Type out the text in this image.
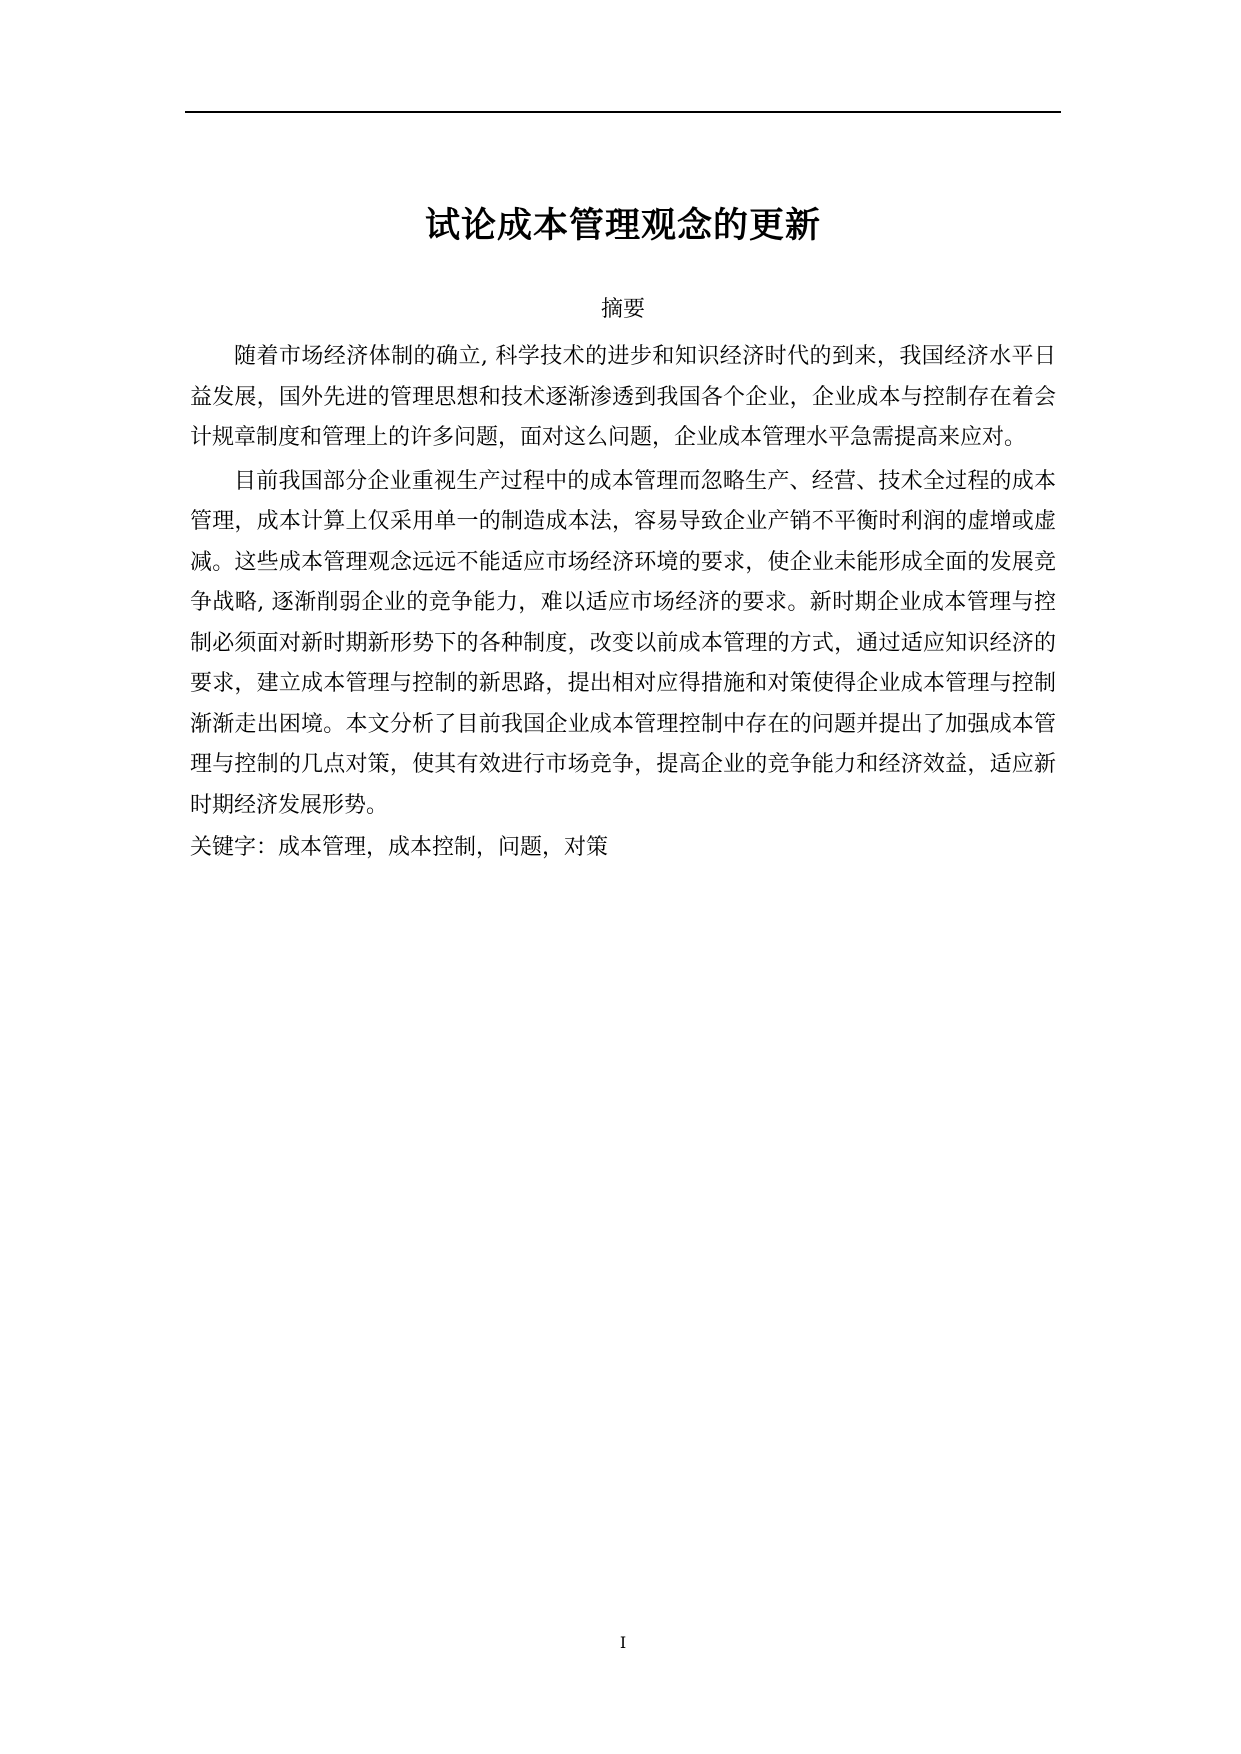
试论成本管理观念的更新
摘要

随着市场经济体制的确立, 科学技术的进步和知识经济时代的到来，我国经济水平日益发展，国外先进的管理思想和技术逐渐渗透到我国各个企业，企业成本与控制存在着会计规章制度和管理上的许多问题，面对这么问题，企业成本管理水平急需提高来应对。

目前我国部分企业重视生产过程中的成本管理而忽略生产、经营、技术全过程的成本管理，成本计算上仅采用单一的制造成本法，容易导致企业产销不平衡时利润的虚增或虚减。这些成本管理观念远远不能适应市场经济环境的要求，使企业未能形成全面的发展竞争战略, 逐渐削弱企业的竞争能力，难以适应市场经济的要求。新时期企业成本管理与控制必须面对新时期新形势下的各种制度，改变以前成本管理的方式，通过适应知识经济的要求，建立成本管理与控制的新思路，提出相对应得措施和对策使得企业成本管理与控制渐渐走出困境。本文分析了目前我国企业成本管理控制中存在的问题并提出了加强成本管理与控制的几点对策，使其有效进行市场竞争，提高企业的竞争能力和经济效益，适应新时期经济发展形势。

关键字：成本管理，成本控制，问题，对策

I
